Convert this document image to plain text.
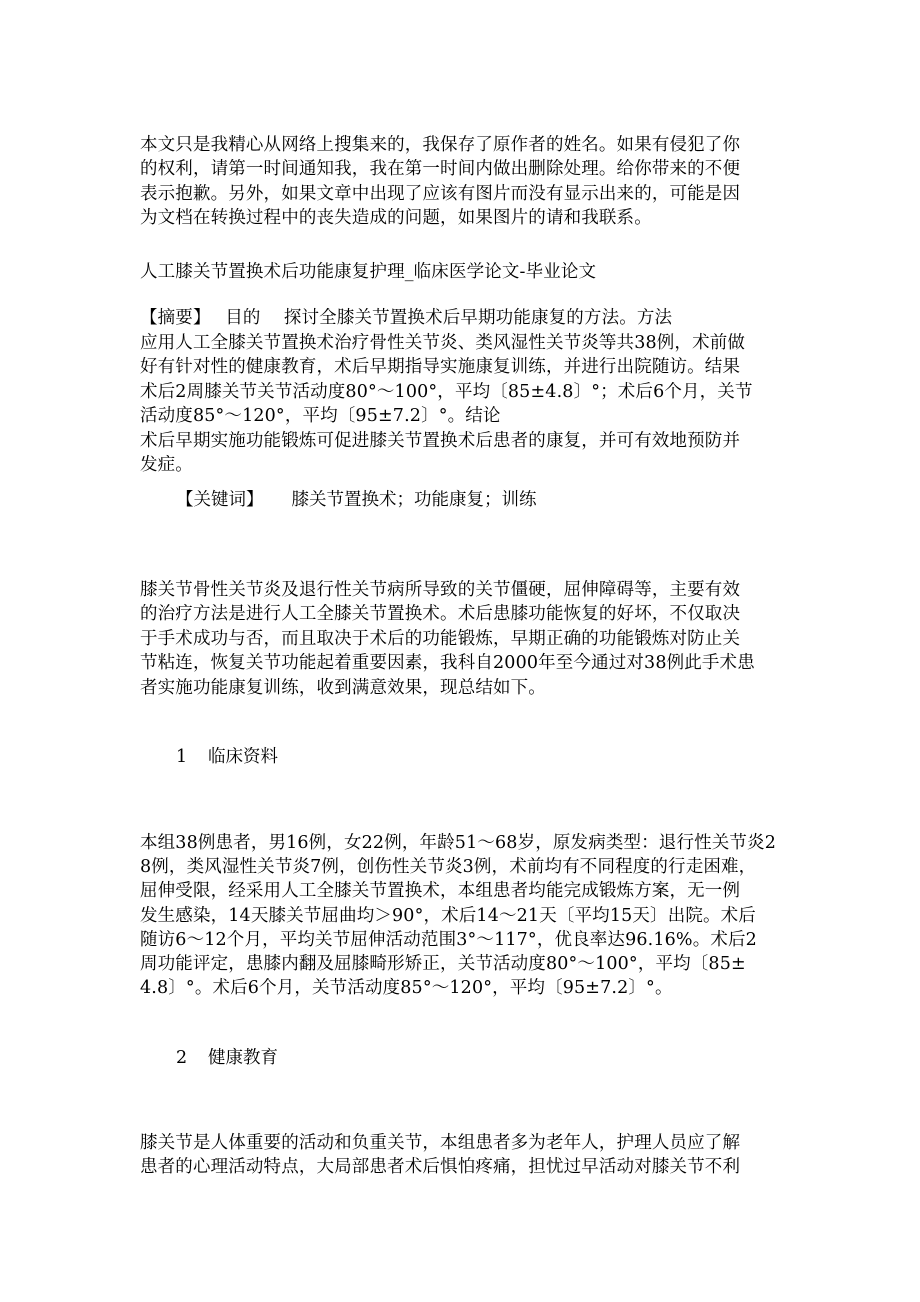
本文只是我精心从网络上搜集来的，我保存了原作者的姓名。如果有侵犯了你
的权利，请第一时间通知我，我在第一时间内做出删除处理。给你带来的不便
表示抱歉。另外，如果文章中出现了应该有图片而没有显示出来的，可能是因
为文档在转换过程中的丧失造成的问题，如果图片的请和我联系。
人工膝关节置换术后功能康复护理_临床医学论文-毕业论文
【摘要】　 目的　 探讨全膝关节置换术后早期功能康复的方法。方法
应用人工全膝关节置换术治疗骨性关节炎、类风湿性关节炎等共38例，术前做
好有针对性的健康教育，术后早期指导实施康复训练，并进行出院随访。结果
术后2周膝关节关节活动度80°～100°，平均〔85±4.8〕°；术后6个月，关节
活动度85°～120°，平均〔95±7.2〕°。结论
术后早期实施功能锻炼可促进膝关节置换术后患者的康复，并可有效地预防并
发症。
【关键词】 膝关节置换术；功能康复；训练
膝关节骨性关节炎及退行性关节病所导致的关节僵硬，屈伸障碍等，主要有效
的治疗方法是进行人工全膝关节置换术。术后患膝功能恢复的好坏，不仅取决
于手术成功与否，而且取决于术后的功能锻炼，早期正确的功能锻炼对防止关
节粘连，恢复关节功能起着重要因素，我科自2000年至今通过对38例此手术患
者实施功能康复训练，收到满意效果，现总结如下。
1 临床资料
本组38例患者，男16例，女22例，年龄51～68岁，原发病类型：退行性关节炎2
8例，类风湿性关节炎7例，创伤性关节炎3例，术前均有不同程度的行走困难，
屈伸受限，经采用人工全膝关节置换术，本组患者均能完成锻炼方案，无一例
发生感染，14天膝关节屈曲均＞90°，术后14～21天〔平均15天〕出院。术后
随访6～12个月，平均关节屈伸活动范围3°～117°，优良率达96.16%。术后2
周功能评定，患膝内翻及屈膝畸形矫正，关节活动度80°～100°，平均〔85±
4.8〕°。术后6个月，关节活动度85°～120°，平均〔95±7.2〕°。
2 健康教育
膝关节是人体重要的活动和负重关节，本组患者多为老年人，护理人员应了解
患者的心理活动特点，大局部患者术后惧怕疼痛，担忧过早活动对膝关节不利
